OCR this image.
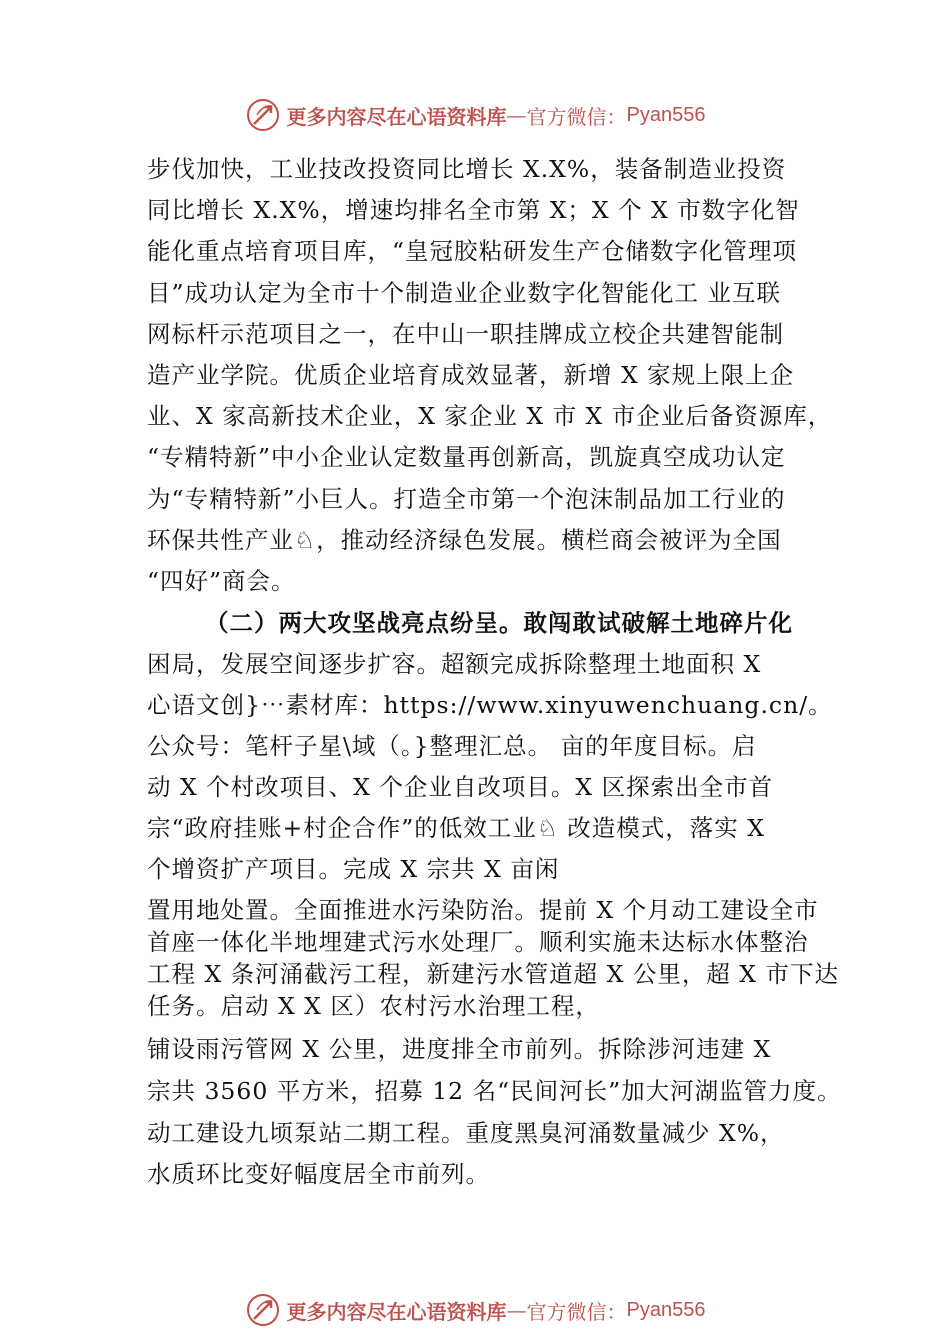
更多内容尽在心语资料库 — 官方微信： Pyan556
步伐加快，工业技改投资同比增长 X.X%，装备制造业投资
同比增长 X.X%，增速均排名全市第 X；X 个 X 市数字化智
能化重点培育项目库，“皇冠胶粘研发生产仓储数字化管理项
目”成功认定为全市十个制造业企业数字化智能化工 业互联
网标杆示范项目之一，在中山一职挂牌成立校企共建智能制
造产业学院。优质企业培育成效显著，新增 X 家规上限上企
业、X 家高新技术企业，X 家企业 X 市 X 市企业后备资源库，
“专精特新”中小企业认定数量再创新高，凯旋真空成功认定
为“专精特新”小巨人。打造全市第一个泡沫制品加工行业的
环保共性产业♘，推动经济绿色发展。横栏商会被评为全国
“四好”商会。
（二）两大攻坚战亮点纷呈。敢闯敢试破解土地碎片化
困局，发展空间逐步扩容。超额完成拆除整理土地面积 X
心语文创}⋯素材库：https://www.xinyuwenchuang.cn/。
公众号：笔杆子星\域（。}整理汇总。 亩的年度目标。启
动 X 个村改项目、X 个企业自改项目。X 区探索出全市首
宗“政府挂账+村企合作”的低效工业♘ 改造模式，落实 X
个增资扩产项目。完成 X 宗共 X 亩闲
置用地处置。全面推进水污染防治。提前 X 个月动工建设全市
首座一体化半地埋建式污水处理厂。顺利实施未达标水体整治
工程 X 条河涌截污工程，新建污水管道超 X 公里，超 X 市下达
任务。启动 X X 区）农村污水治理工程，
铺设雨污管网 X 公里，进度排全市前列。拆除涉河违建 X
宗共 3560 平方米，招募 12 名“民间河长”加大河湖监管力度。
动工建设九顷泵站二期工程。重度黑臭河涌数量减少 X%，
水质环比变好幅度居全市前列。
更多内容尽在心语资料库 — 官方微信： Pyan556
